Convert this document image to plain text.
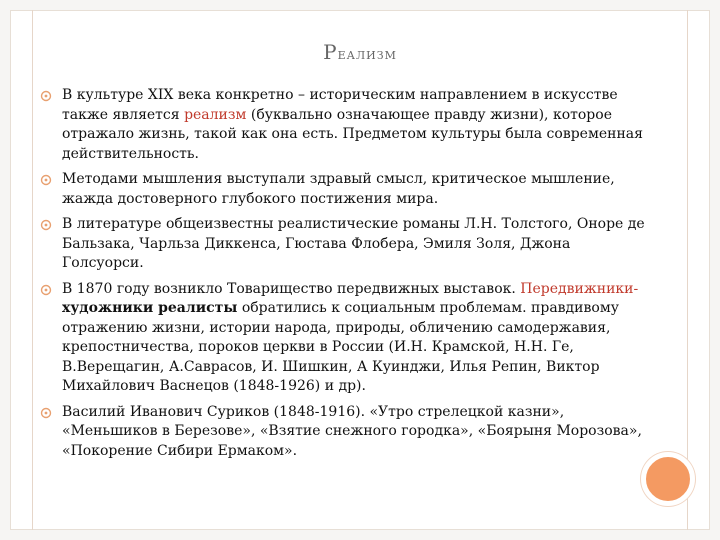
Реализм
В культуре XIX века конкретно – историческим направлением в искусстве также является реализм (буквально означающее правду жизни), которое отражало жизнь, такой как она есть. Предметом культуры была современная действительность.
Методами мышления выступали здравый смысл, критическое мышление, жажда достоверного глубокого постижения мира.
В литературе общеизвестны реалистические романы Л.Н. Толстого, Оноре де Бальзака, Чарльза Диккенса, Гюстава Флобера, Эмиля Золя, Джона Голсуорси.
В 1870 году возникло Товарищество передвижных выставок. Передвижники- художники реалисты обратились к социальным проблемам. правдивому отражению жизни, истории народа, природы, обличению самодержавия, крепостничества, пороков церкви в России (И.Н. Крамской, Н.Н. Ге, В.Верещагин, А.Саврасов, И. Шишкин, А Куинджи, Илья Репин, Виктор Михайлович Васнецов (1848-1926) и др).
Василий Иванович Суриков (1848-1916). «Утро стрелецкой казни», «Меньшиков в Березове», «Взятие снежного городка», «Боярыня Морозова», «Покорение Сибири Ермаком».
